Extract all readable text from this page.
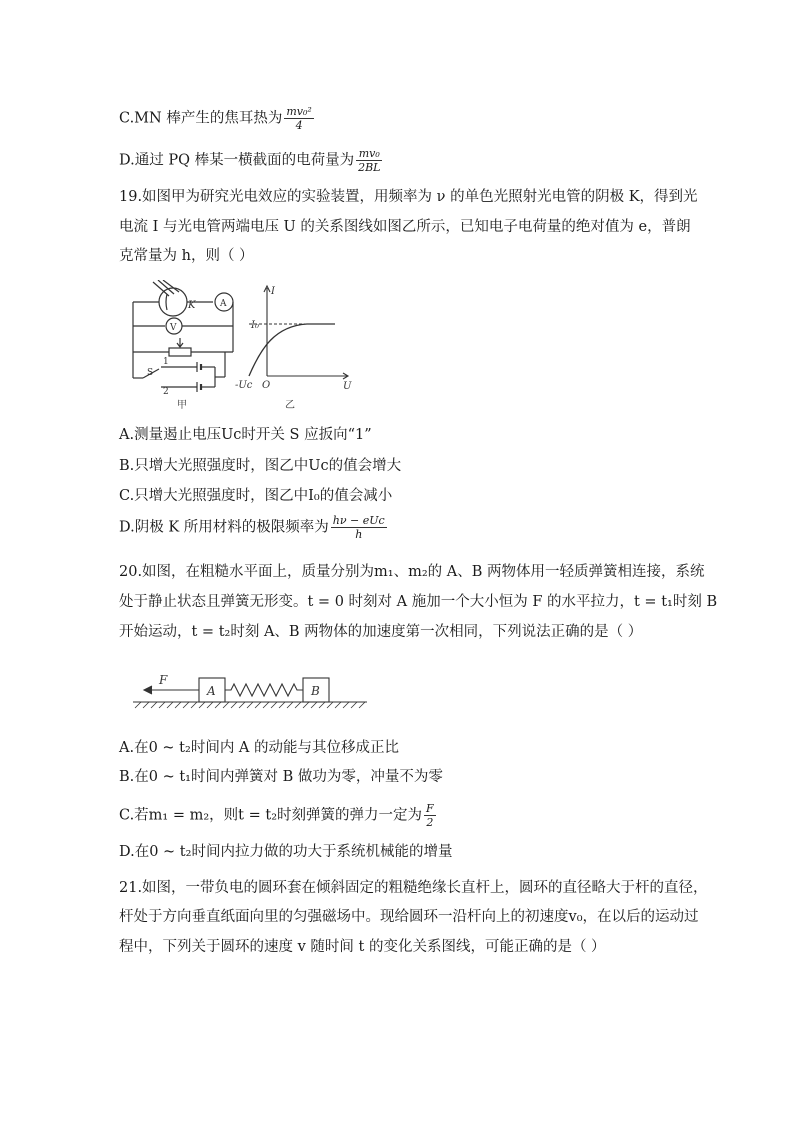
C.MN 棒产生的焦耳热为 $\frac{\text{mv₀²}}{4}$
D.通过 PQ 棒某一横截面的电荷量为 $\frac{\text{mv₀}}{2BL}$
19.如图甲为研究光电效应的实验装置，用频率为 ν 的单色光照射光电管的阴极 K，得到光
电流 I 与光电管两端电压 U 的关系图线如图乙所示，已知电子电荷量的绝对值为 e，普朗
克常量为 h，则（ ）
K	A
V
S
1
2
甲
I
U
I₀
O
-Uc
乙
A.测量遏止电压Uc时开关 S 应扳向“1”
B.只增大光照强度时，图乙中Uc的值会增大
C.只增大光照强度时，图乙中I₀的值会减小
D.阴极 K 所用材料的极限频率为 $\frac{\text{hν − eUc}}{h}$
20.如图，在粗糙水平面上，质量分别为m₁、m₂的 A、B 两物体用一轻质弹簧相连接，系统
处于静止状态且弹簧无形变。t = 0 时刻对 A 施加一个大小恒为 F 的水平拉力，t = t₁时刻 B
开始运动，t = t₂时刻 A、B 两物体的加速度第一次相同，下列说法正确的是（ ）
F
A	B
A.在0 ~ t₂时间内 A 的动能与其位移成正比
B.在0 ~ t₁时间内弹簧对 B 做功为零，冲量不为零
C.若m₁ = m₂，则t = t₂时刻弹簧的弹力一定为 $\frac{F}{2}$
D.在0 ~ t₂时间内拉力做的功大于系统机械能的增量
21.如图，一带负电的圆环套在倾斜固定的粗糙绝缘长直杆上，圆环的直径略大于杆的直径，
杆处于方向垂直纸面向里的匀强磁场中。现给圆环一沿杆向上的初速度v₀，在以后的运动过
程中，下列关于圆环的速度 v 随时间 t 的变化关系图线，可能正确的是（ ）
